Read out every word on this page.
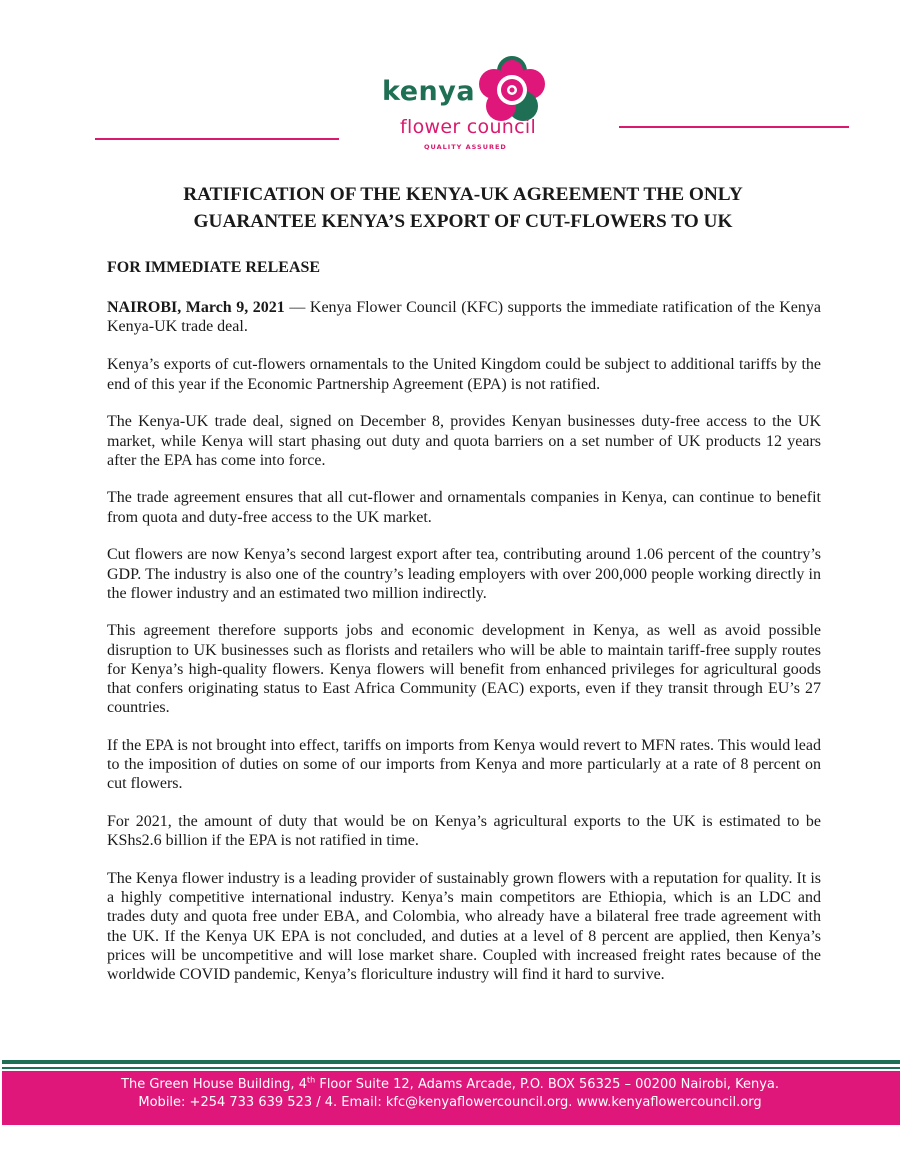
kenya
flower council
QUALITY ASSURED
RATIFICATION OF THE KENYA-UK AGREEMENT THE ONLY
GUARANTEE KENYA’S EXPORT OF CUT-FLOWERS TO UK
FOR IMMEDIATE RELEASE

NAIROBI, March 9, 2021 — Kenya Flower Council (KFC) supports the immediate ratification of the Kenya Kenya-UK trade deal.

Kenya’s exports of cut-flowers ornamentals to the United Kingdom could be subject to additional tariffs by the end of this year if the Economic Partnership Agreement (EPA) is not ratified.

The Kenya-UK trade deal, signed on December 8, provides Kenyan businesses duty-free access to the UK market, while Kenya will start phasing out duty and quota barriers on a set number of UK products 12 years after the EPA has come into force.

The trade agreement ensures that all cut-flower and ornamentals companies in Kenya, can continue to benefit from quota and duty-free access to the UK market.

Cut flowers are now Kenya’s second largest export after tea, contributing around 1.06 percent of the country’s GDP. The industry is also one of the country’s leading employers with over 200,000 people working directly in the flower industry and an estimated two million indirectly.

This agreement therefore supports jobs and economic development in Kenya, as well as avoid possible disruption to UK businesses such as florists and retailers who will be able to maintain tariff-free supply routes for Kenya’s high-quality flowers. Kenya flowers will benefit from enhanced privileges for agricultural goods that confers originating status to East Africa Community (EAC) exports, even if they transit through EU’s 27 countries.

If the EPA is not brought into effect, tariffs on imports from Kenya would revert to MFN rates. This would lead to the imposition of duties on some of our imports from Kenya and more particularly at a rate of 8 percent on cut flowers.

For 2021, the amount of duty that would be on Kenya’s agricultural exports to the UK is estimated to be KShs2.6 billion if the EPA is not ratified in time.

The Kenya flower industry is a leading provider of sustainably grown flowers with a reputation for quality. It is a highly competitive international industry. Kenya’s main competitors are Ethiopia, which is an LDC and trades duty and quota free under EBA, and Colombia, who already have a bilateral free trade agreement with the UK. If the Kenya UK EPA is not concluded, and duties at a level of 8 percent are applied, then Kenya’s prices will be uncompetitive and will lose market share. Coupled with increased freight rates because of the worldwide COVID pandemic, Kenya’s floriculture industry will find it hard to survive.

The Green House Building, 4th Floor Suite 12, Adams Arcade, P.O. BOX 56325 – 00200 Nairobi, Kenya.
Mobile: +254 733 639 523 / 4. Email: kfc@kenyaflowercouncil.org. www.kenyaflowercouncil.org
